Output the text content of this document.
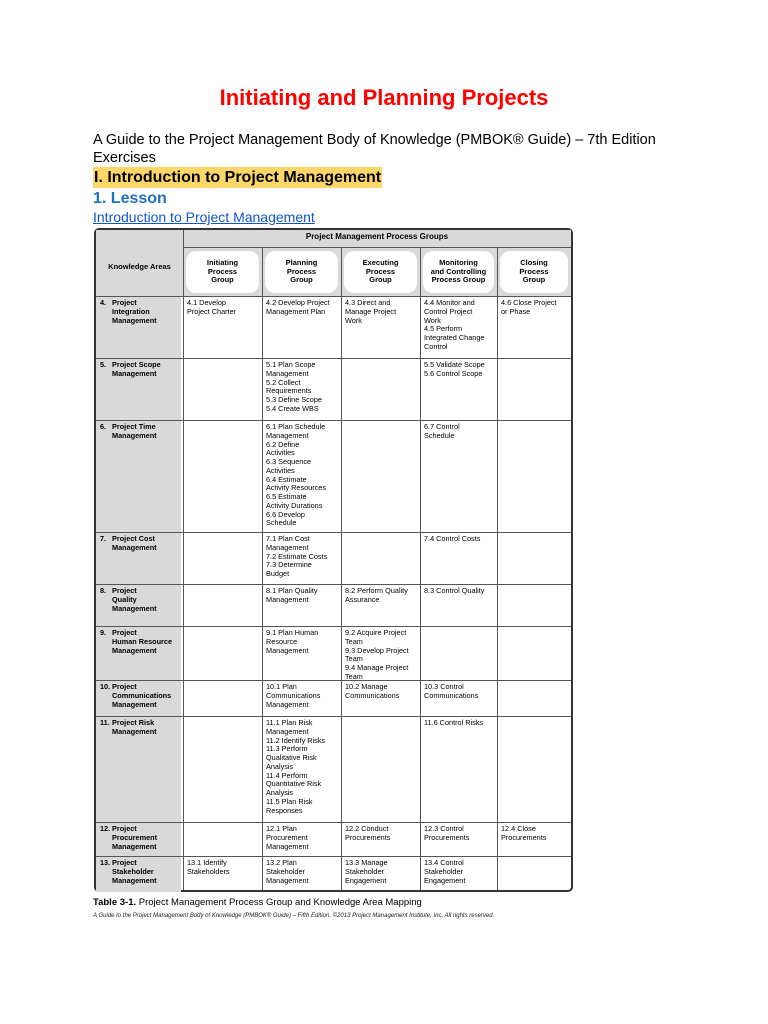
Initiating and Planning Projects
A Guide to the Project Management Body of Knowledge (PMBOK® Guide) – 7th Edition Exercises
I. Introduction to Project Management
1. Lesson
Introduction to Project Management
Project Management Process Groups
Knowledge Areas	Initiating
Process
Group
Planning
Process
Group
Executing
Process
Group
Monitoring
and Controlling
Process Group
Closing
Process
Group
4.Project
Integration
Management
4.1 Develop
Project Charter
4.2 Develop Project
Management Plan
4.3 Direct and
Manage Project
Work
4.4 Monitor and
Control Project
Work
4.5 Perform
Integrated Change
Control
4.6 Close Project
or Phase
5.Project Scope
Management
5.1 Plan Scope
Management
5.2 Collect
Requirements
5.3 Define Scope
5.4 Create WBS
5.5 Validate Scope
5.6 Control Scope
6.Project Time
Management
6.1 Plan Schedule
Management
6.2 Define
Activities
6.3 Sequence
Activities
6.4 Estimate
Activity Resources
6.5 Estimate
Activity Durations
6.6 Develop
Schedule
6.7 Control
Schedule
7.Project Cost
Management
7.1 Plan Cost
Management
7.2 Estimate Costs
7.3 Determine
Budget
7.4 Control Costs
8.Project
Quality
Management
8.1 Plan Quality
Management
8.2 Perform Quality
Assurance
8.3 Control Quality
9.Project
Human Resource
Management
9.1 Plan Human
Resource
Management
9.2 Acquire Project
Team
9.3 Develop Project
Team
9.4 Manage Project
Team
10.Project
Communications
Management
10.1 Plan
Communications
Management
10.2 Manage
Communications
10.3 Control
Communications
11.Project Risk
Management
11.1 Plan Risk
Management
11.2 Identify Risks
11.3 Perform
Qualitative Risk
Analysis
11.4 Perform
Quantitative Risk
Analysis
11.5 Plan Risk
Responses
11.6 Control Risks
12.Project
Procurement
Management
12.1 Plan
Procurement
Management
12.2 Conduct
Procurements
12.3 Control
Procurements
12.4 Close
Procurements
13.Project
Stakeholder
Management
13.1 Identify
Stakeholders
13.2 Plan
Stakeholder
Management
13.3 Manage
Stakeholder
Engagement
13.4 Control
Stakeholder
Engagement
Table 3-1. Project Management Process Group and Knowledge Area Mapping
A Guide to the Project Management Body of Knowledge (PMBOK® Guide) – Fifth Edition. ©2013 Project Management Institute, Inc. All rights reserved.
